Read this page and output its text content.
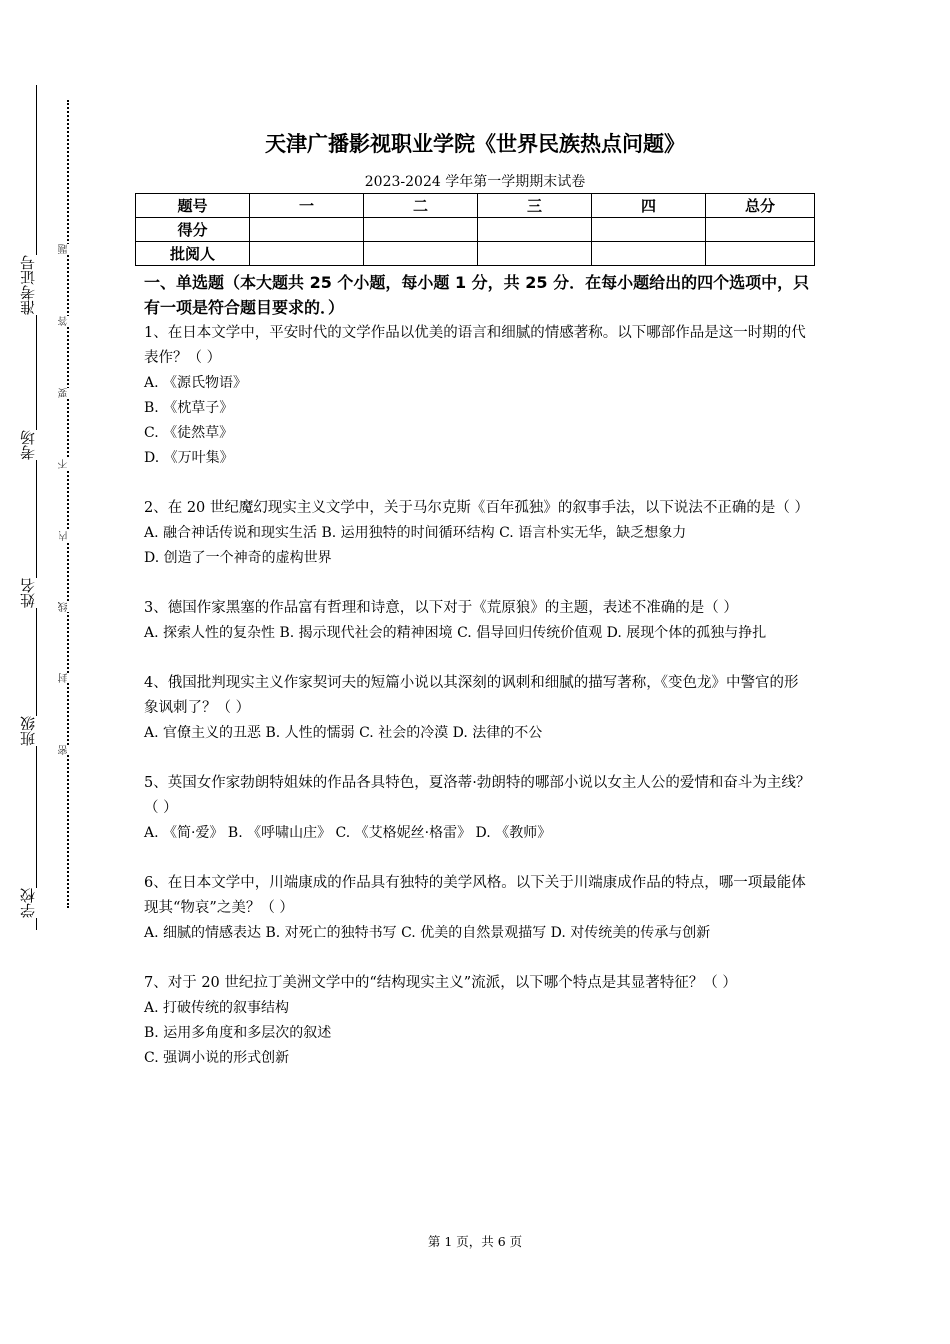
准考证号
考场
姓名
班级
学校
题
答
要
不
内
线
封
密
天津广播影视职业学院《世界民族热点问题》
2023-2024 学年第一学期期末试卷
题号	一	二	三	四	总分
得分					
批阅人					

一、单选题（本大题共 25 个小题，每小题 1 分，共 25 分．在每小题给出的四个选项中，只有一项是符合题目要求的．）

1、在日本文学中，平安时代的文学作品以优美的语言和细腻的情感著称。以下哪部作品是这一时期的代表作？（ ）

A. 《源氏物语》

B. 《枕草子》

C. 《徒然草》

D. 《万叶集》

2、在 20 世纪魔幻现实主义文学中，关于马尔克斯《百年孤独》的叙事手法，以下说法不正确的是（ ）

A. 融合神话传说和现实生活 B. 运用独特的时间循环结构 C. 语言朴实无华，缺乏想象力

D. 创造了一个神奇的虚构世界

3、德国作家黑塞的作品富有哲理和诗意，以下对于《荒原狼》的主题，表述不准确的是（ ）

A. 探索人性的复杂性 B. 揭示现代社会的精神困境 C. 倡导回归传统价值观 D. 展现个体的孤独与挣扎

4、俄国批判现实主义作家契诃夫的短篇小说以其深刻的讽刺和细腻的描写著称，《变色龙》中警官的形象讽刺了？（ ）

A. 官僚主义的丑恶 B. 人性的懦弱 C. 社会的冷漠 D. 法律的不公

5、英国女作家勃朗特姐妹的作品各具特色，夏洛蒂·勃朗特的哪部小说以女主人公的爱情和奋斗为主线？（ ）

A. 《简·爱》 B. 《呼啸山庄》 C. 《艾格妮丝·格雷》 D. 《教师》

6、在日本文学中，川端康成的作品具有独特的美学风格。以下关于川端康成作品的特点，哪一项最能体现其“物哀”之美？（ ）

A. 细腻的情感表达 B. 对死亡的独特书写 C. 优美的自然景观描写 D. 对传统美的传承与创新

7、对于 20 世纪拉丁美洲文学中的“结构现实主义”流派，以下哪个特点是其显著特征？（ ）

A. 打破传统的叙事结构

B. 运用多角度和多层次的叙述

C. 强调小说的形式创新

第 1 页，共 6 页
